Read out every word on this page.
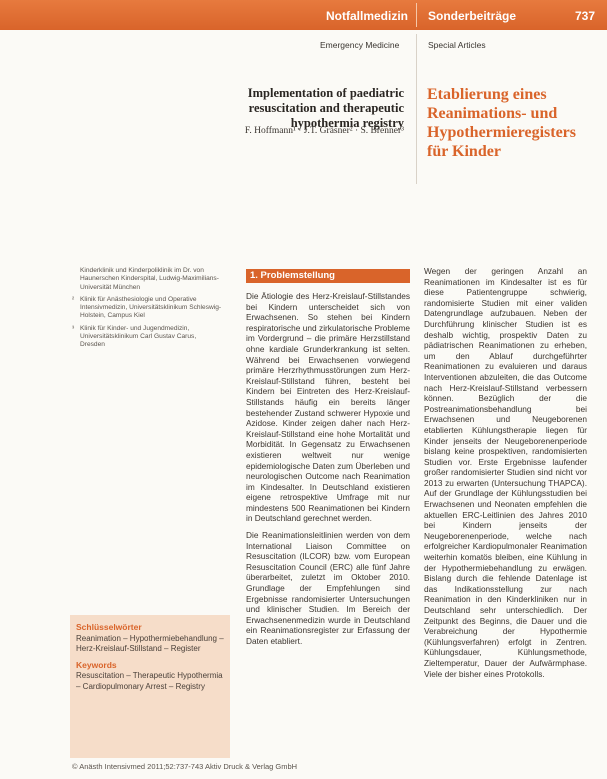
Notfallmedizin Sonderbeiträge	737
Emergency Medicine	Special Articles
Implementation of paediatric resuscitation and therapeutic hypothermia registry
F. Hoffmann¹ · J.T. Gräsner² · S. Brenner³
Etablierung eines Reanimations- und Hypothermieregisters für Kinder
Kinderklinik und Kinderpoliklinik im Dr. von Haunerschen Kinderspital, Ludwig-Maximilians-Universität München
² Klinik für Anästhesiologie und Operative Intensivmedizin, Universitätsklinikum Schleswig-Holstein, Campus Kiel
³ Klinik für Kinder- und Jugendmedizin, Universitätsklinikum Carl Gustav Carus, Dresden
Schlüsselwörter
Reanimation – Hypothermiebehandlung – Herz-Kreislauf-Stillstand – Register
Keywords
Resuscitation – Therapeutic Hypothermia – Cardiopulmonary Arrest – Registry
1. Problemstellung

Die Ätiologie des Herz-Kreislauf-Stillstandes bei Kindern unterscheidet sich von Erwachsenen. So stehen bei Kindern respiratorische und zirkulatorische Probleme im Vordergrund – die primäre Herzstillstand ohne kardiale Grunderkrankung ist selten. Während bei Erwachsenen vorwiegend primäre Herzrhythmusstörungen zum Herz-Kreislauf-Stillstand führen, besteht bei Kindern bei Eintreten des Herz-Kreislauf-Stillstands häufig ein bereits länger bestehender Zustand schwerer Hypoxie und Azidose. Kinder zeigen daher nach Herz-Kreislauf-Stillstand eine hohe Mortalität und Morbidität. In Gegensatz zu Erwachsenen existieren weltweit nur wenige epidemiologische Daten zum Überleben und neurologischen Outcome nach Reanimation im Kindesalter. In Deutschland existieren eigene retrospektive Umfrage mit nur mindestens 500 Reanimationen bei Kindern in Deutschland gerechnet werden.

Die Reanimationsleitlinien werden von dem International Liaison Committee on Resuscitation (ILCOR) bzw. vom European Resuscitation Council (ERC) alle fünf Jahre überarbeitet, zuletzt im Oktober 2010. Grundlage der Empfehlungen sind Ergebnisse randomisierter Untersuchungen und klinischer Studien. Im Bereich der Erwachsenenmedizin wurde in Deutschland ein Reanimationsregister zur Erfassung der Daten etabliert.

Wegen der geringen Anzahl an Reanimationen im Kindesalter ist es für diese Patientengruppe schwierig, randomisierte Studien mit einer validen Datengrundlage aufzubauen. Neben der Durchführung klinischer Studien ist es deshalb wichtig, prospektiv Daten zu pädiatrischen Reanimationen zu erheben, um den Ablauf durchgeführter Reanimationen zu evaluieren und daraus Interventionen abzuleiten, die das Outcome nach Herz-Kreislauf-Stillstand verbessern können. Bezüglich der die Postreanimationsbehandlung bei Erwachsenen und Neugeborenen etablierten Kühlungstherapie liegen für Kinder jenseits der Neugeborenenperiode bislang keine prospektiven, randomisierten Studien vor. Erste Ergebnisse laufender großer randomisierter Studien sind nicht vor 2013 zu erwarten (Untersuchung THAPCA). Auf der Grundlage der Kühlungsstudien bei Erwachsenen und Neonaten empfehlen die aktuellen ERC-Leitlinien des Jahres 2010 bei Kindern jenseits der Neugeborenenperiode, welche nach erfolgreicher Kardiopulmonaler Reanimation weiterhin komatös bleiben, eine Kühlung in der Hypothermiebehandlung zu erwägen. Bislang durch die fehlende Datenlage ist das Indikationsstellung zur nach Reanimation in den Kinderkliniken nur in Deutschland sehr unterschiedlich. Der Zeitpunkt des Beginns, die Dauer und die Verabreichung der Hypothermie (Kühlungsverfahren) erfolgt in Zentren. Kühlungsdauer, Kühlungsmethode, Zieltemperatur, Dauer der Aufwärmphase. Viele der bisher eines Protokolls.

© Anästh Intensivmed 2011;52:737-743 Aktiv Druck & Verlag GmbH
